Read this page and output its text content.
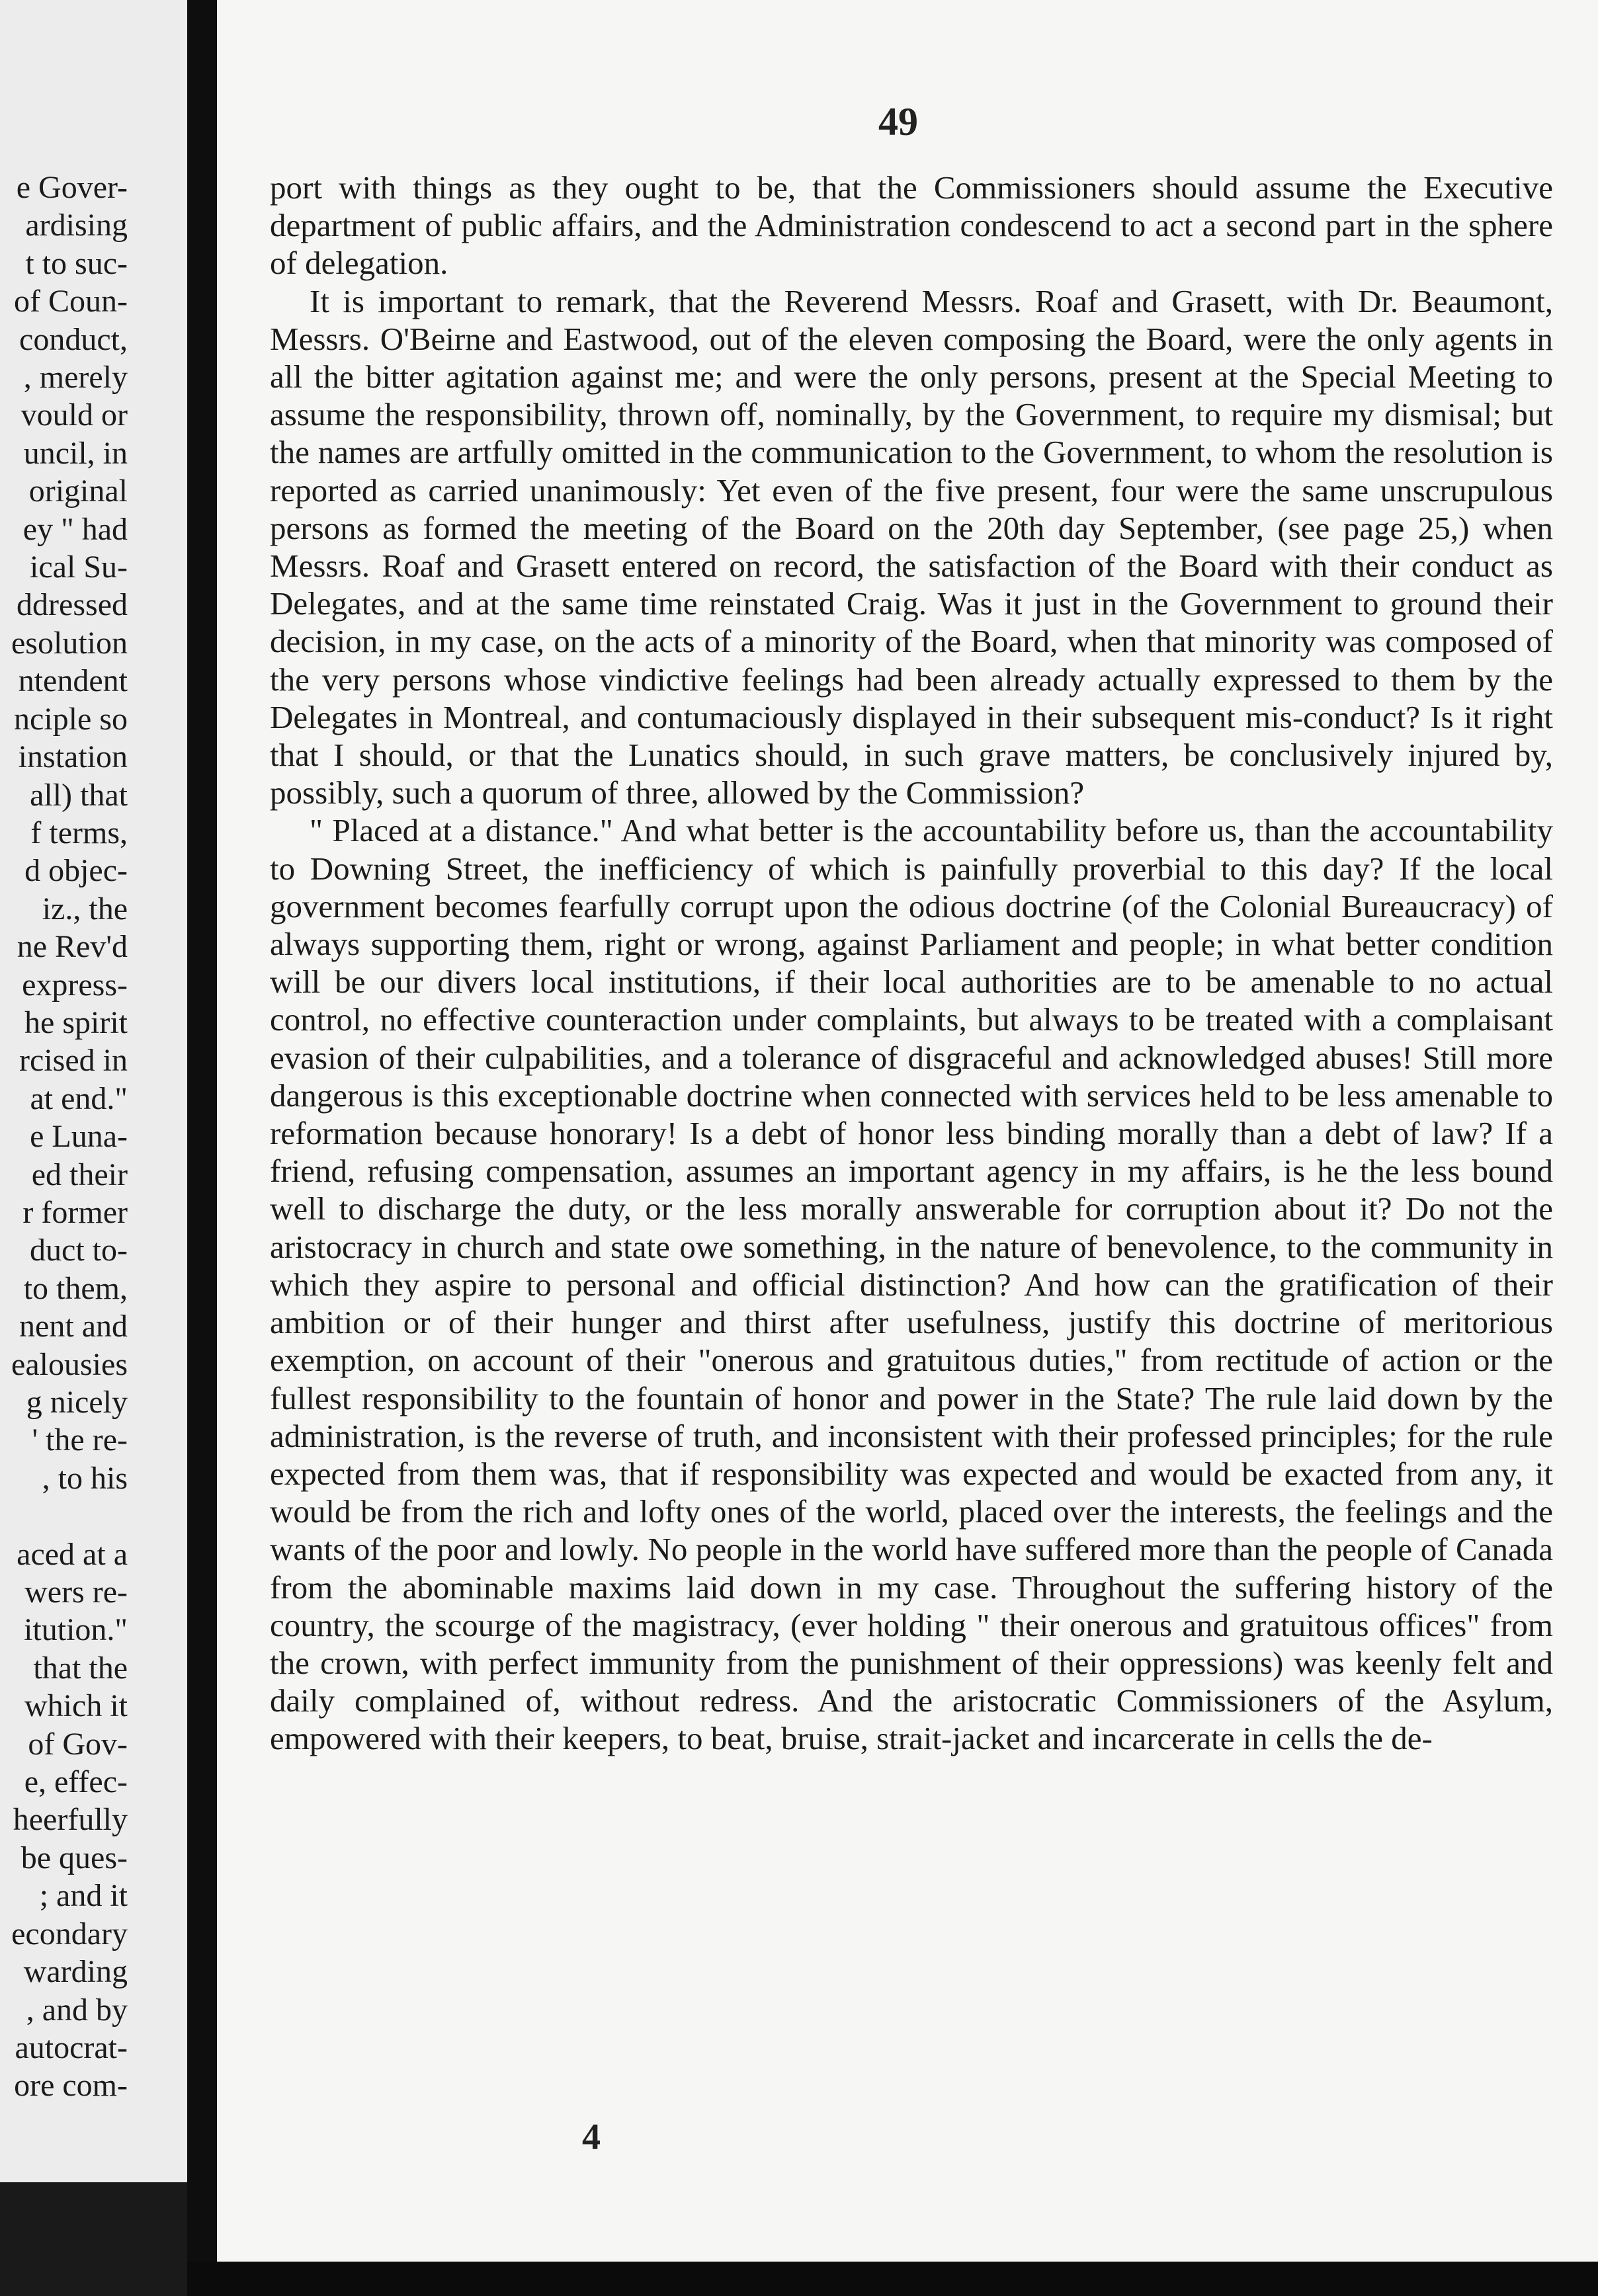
e Gover-
ardising
t to suc-
of Coun-
conduct,
, merely
vould or
uncil, in
original
ey " had
ical Su-
ddressed
esolution
ntendent
nciple so
instation
all) that
f terms,
d objec-
iz., the
ne Rev'd
express-
he spirit
rcised in
at end."
e Luna-
ed their
r former
duct to-
to them,
nent and
ealousies
g nicely
' the re-
, to his

aced at a
wers re-
itution."
that the
which it
of Gov-
e, effec-
heerfully
be ques-
; and it
econdary
warding
, and by
autocrat-
ore com-
49

port with things as they ought to be, that the Commissioners should assume the Executive department of public affairs, and the Administration condescend to act a second part in the sphere of delegation.

It is important to remark, that the Reverend Messrs. Roaf and Grasett, with Dr. Beaumont, Messrs. O'Beirne and Eastwood, out of the eleven composing the Board, were the only agents in all the bitter agitation against me; and were the only persons, present at the Special Meeting to assume the responsibility, thrown off, nominally, by the Government, to require my dismisal; but the names are artfully omitted in the communication to the Government, to whom the resolution is reported as carried unanimously: Yet even of the five present, four were the same unscrupulous persons as formed the meeting of the Board on the 20th day September, (see page 25,) when Messrs. Roaf and Grasett entered on record, the satisfaction of the Board with their conduct as Delegates, and at the same time reinstated Craig. Was it just in the Government to ground their decision, in my case, on the acts of a minority of the Board, when that minority was composed of the very persons whose vindictive feelings had been already actually expressed to them by the Delegates in Montreal, and contumaciously displayed in their subsequent mis-conduct? Is it right that I should, or that the Lunatics should, in such grave matters, be conclusively injured by, possibly, such a quorum of three, allowed by the Commission?

" Placed at a distance." And what better is the accountability before us, than the accountability to Downing Street, the inefficiency of which is painfully proverbial to this day? If the local government becomes fearfully corrupt upon the odious doctrine (of the Colonial Bureaucracy) of always supporting them, right or wrong, against Parliament and people; in what better condition will be our divers local institutions, if their local authorities are to be amenable to no actual control, no effective counteraction under complaints, but always to be treated with a complaisant evasion of their culpabilities, and a tolerance of disgraceful and acknowledged abuses! Still more dangerous is this exceptionable doctrine when connected with services held to be less amenable to reformation because honorary! Is a debt of honor less binding morally than a debt of law? If a friend, refusing compensation, assumes an important agency in my affairs, is he the less bound well to discharge the duty, or the less morally answerable for corruption about it? Do not the aristocracy in church and state owe something, in the nature of benevolence, to the community in which they aspire to personal and official distinction? And how can the gratification of their ambition or of their hunger and thirst after usefulness, justify this doctrine of meritorious exemption, on account of their "onerous and gratuitous duties," from rectitude of action or the fullest responsibility to the fountain of honor and power in the State? The rule laid down by the administration, is the reverse of truth, and inconsistent with their professed principles; for the rule expected from them was, that if responsibility was expected and would be exacted from any, it would be from the rich and lofty ones of the world, placed over the interests, the feelings and the wants of the poor and lowly. No people in the world have suffered more than the people of Canada from the abominable maxims laid down in my case. Throughout the suffering history of the country, the scourge of the magistracy, (ever holding " their onerous and gratuitous offices" from the crown, with perfect immunity from the punishment of their oppressions) was keenly felt and daily complained of, without redress. And the aristocratic Commissioners of the Asylum, empowered with their keepers, to beat, bruise, strait-jacket and incarcerate in cells the de-

4
